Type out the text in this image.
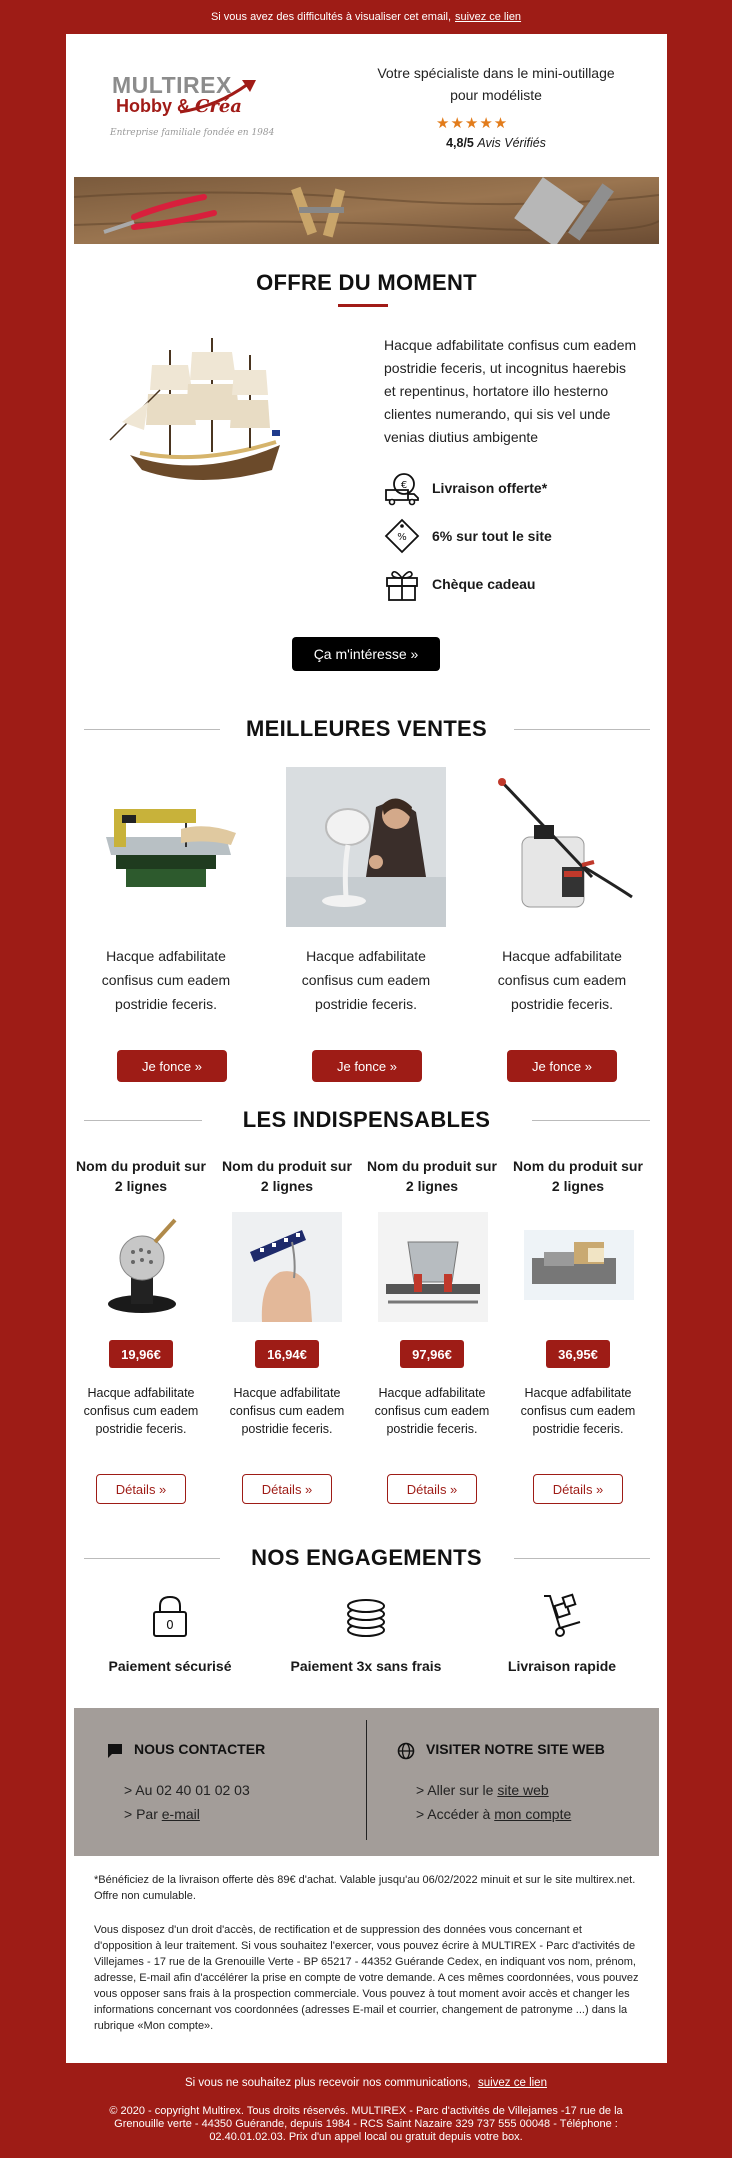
Si vous avez des difficultés à visualiser cet email, suivez ce lien
MULTIREX
Hobby & Créa
Entreprise familiale fondée en 1984
Votre spécialiste dans le mini-outillage pour modéliste
★★★★★
4,8/5 Avis Vérifiés
OFFRE DU MOMENT
Hacque adfabilitate confisus cum eadem postridie feceris, ut incognitus haerebis et repentinus, hortatore illo hesterno clientes numerando, qui sis vel unde venias diutius ambigente
€ Livraison offerte*
% 6% sur tout le site
Chèque cadeau
Ça m'intéresse »
MEILLEURES VENTES
Hacque adfabilitate confisus cum eadem postridie feceris.
Hacque adfabilitate confisus cum eadem postridie feceris.
Hacque adfabilitate confisus cum eadem postridie feceris.
Je fonce »	Je fonce »	Je fonce »
LES INDISPENSABLES
Nom du produit sur 2 lignes
Nom du produit sur 2 lignes
Nom du produit sur 2 lignes
Nom du produit sur 2 lignes
19,96€	16,94€	97,96€	36,95€
Hacque adfabilitate confisus cum eadem postridie feceris.
Hacque adfabilitate confisus cum eadem postridie feceris.
Hacque adfabilitate confisus cum eadem postridie feceris.
Hacque adfabilitate confisus cum eadem postridie feceris.
Détails »	Détails »	Détails »	Détails »
NOS ENGAGEMENTS
0
Paiement sécurisé	Paiement 3x sans frais	Livraison rapide
NOUS CONTACTER
> Au 02 40 01 02 03
> Par e-mail
VISITER NOTRE SITE WEB
> Aller sur le site web
> Accéder à mon compte
*Bénéficiez de la livraison offerte dès 89€ d'achat. Valable jusqu'au 06/02/2022 minuit et sur le site multirex.net. Offre non cumulable.
Vous disposez d'un droit d'accès, de rectification et de suppression des données vous concernant et d'opposition à leur traitement. Si vous souhaitez l'exercer, vous pouvez écrire à MULTIREX - Parc d'activités de Villejames - 17 rue de la Grenouille Verte - BP 65217 - 44352 Guérande Cedex, en indiquant vos nom, prénom, adresse, E-mail afin d'accélérer la prise en compte de votre demande. A ces mêmes coordonnées, vous pouvez vous opposer sans frais à la prospection commerciale. Vous pouvez à tout moment avoir accès et changer les informations concernant vos coordonnées (adresses E-mail et courrier, changement de patronyme ...) dans la rubrique «Mon compte».
Si vous ne souhaitez plus recevoir nos communications, suivez ce lien
© 2020 - copyright Multirex. Tous droits réservés. MULTIREX - Parc d'activités de Villejames -17 rue de la Grenouille verte - 44350 Guérande, depuis 1984 - RCS Saint Nazaire 329 737 555 00048 - Téléphone : 02.40.01.02.03. Prix d'un appel local ou gratuit depuis votre box.
